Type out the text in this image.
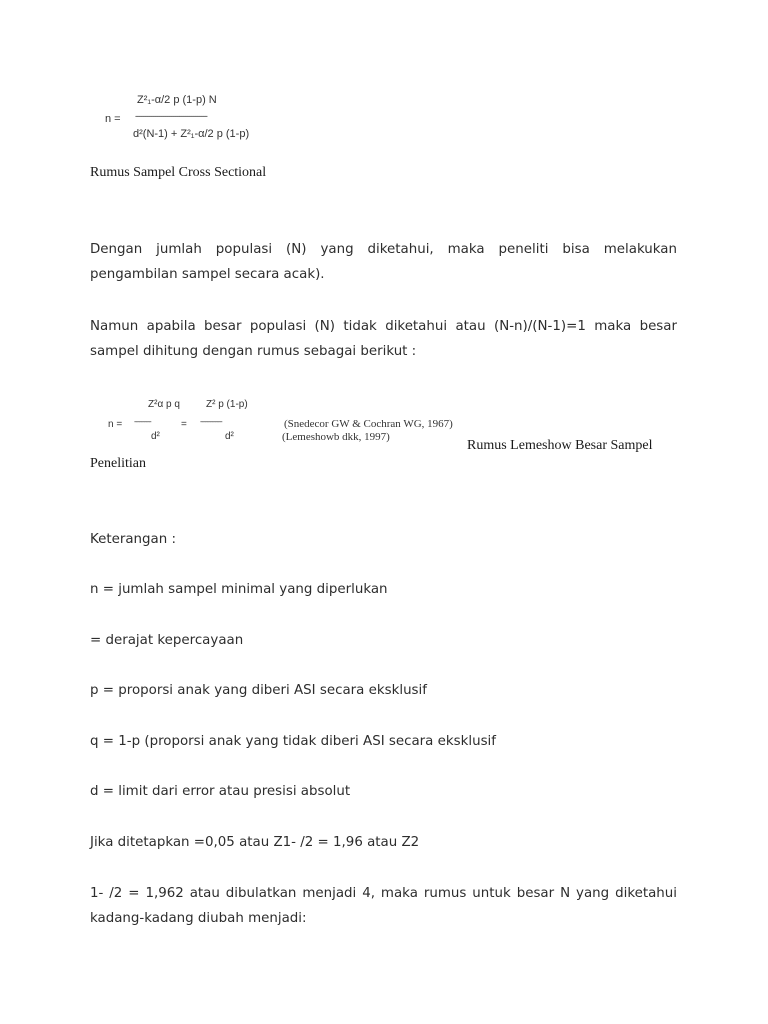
Z²₁-α/2 p (1-p) N
n = ------------------------------------
d²(N-1) + Z²₁-α/2 p (1-p)
Rumus Sampel Cross Sectional
Dengan jumlah populasi (N) yang diketahui, maka peneliti bisa melakukan pengambilan sampel secara acak).
Namun apabila besar populasi (N) tidak diketahui atau (N-n)/(N-1)=1 maka besar sampel dihitung dengan rumus sebagai berikut :
Z²α p q	Z² p (1-p)
n = ----------	= -------------
d²	d²
(Snedecor GW & Cochran WG, 1967)
(Lemeshowb dkk, 1997)
Rumus Lemeshow Besar Sampel
Penelitian
Keterangan :
n = jumlah sampel minimal yang diperlukan
= derajat kepercayaan
p = proporsi anak yang diberi ASI secara eksklusif
q = 1-p (proporsi anak yang tidak diberi ASI secara eksklusif
d = limit dari error atau presisi absolut
Jika ditetapkan =0,05 atau Z1- /2 = 1,96 atau Z2
1- /2 = 1,962 atau dibulatkan menjadi 4, maka rumus untuk besar N yang diketahui kadang-kadang diubah menjadi:
